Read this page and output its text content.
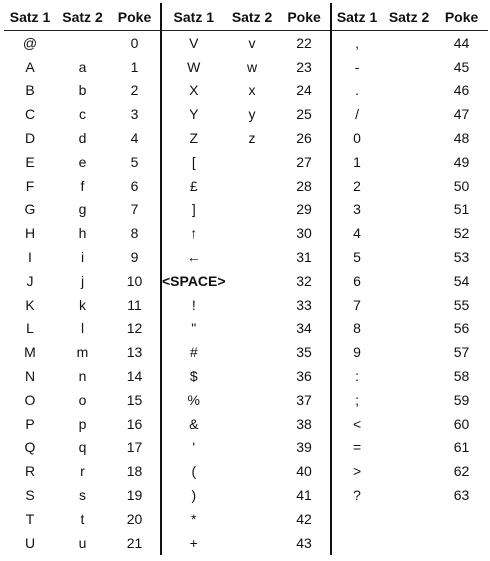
Satz 1	Satz 2	Poke	Satz 1	Satz 2	Poke	Satz 1	Satz 2	Poke
@		0	V	v	22	,		44
A	a	1	W	w	23	-		45
B	b	2	X	x	24	.		46
C	c	3	Y	y	25	/		47
D	d	4	Z	z	26	0		48
E	e	5	[		27	1		49
F	f	6	£		28	2		50
G	g	7	]		29	3		51
H	h	8	↑		30	4		52
I	i	9	←		31	5		53
J	j	10	<SPACE>		32	6		54
K	k	11	!		33	7		55
L	l	12	"		34	8		56
M	m	13	#		35	9		57
N	n	14	$		36	:		58
O	o	15	%		37	;		59
P	p	16	&		38	<		60
Q	q	17	'		39	=		61
R	r	18	(		40	>		62
S	s	19	)		41	?		63
T	t	20	*		42			
U	u	21	+		43			
